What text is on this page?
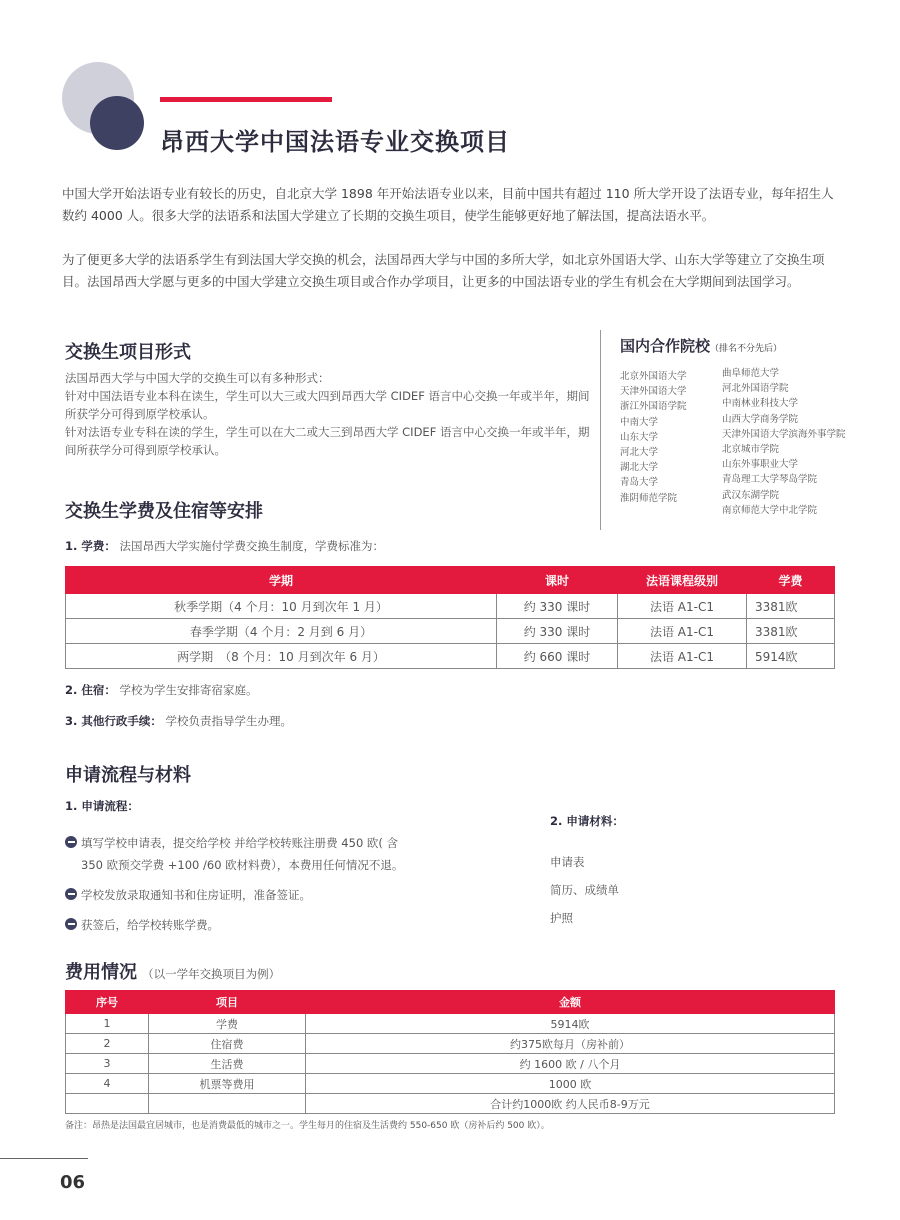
昂西大学中国法语专业交换项目
中国大学开始法语专业有较长的历史，自北京大学 1898 年开始法语专业以来，目前中国共有超过 110 所大学开设了法语专业，每年招生人数约 4000 人。很多大学的法语系和法国大学建立了长期的交换生项目，使学生能够更好地了解法国，提高法语水平。
为了便更多大学的法语系学生有到法国大学交换的机会，法国昂西大学与中国的多所大学，如北京外国语大学、山东大学等建立了交换生项目。法国昂西大学愿与更多的中国大学建立交换生项目或合作办学项目，让更多的中国法语专业的学生有机会在大学期间到法国学习。
交换生项目形式
法国昂西大学与中国大学的交换生可以有多种形式：
针对中国法语专业本科在读生，学生可以大三或大四到昂西大学 CIDEF 语言中心交换一年或半年，期间所获学分可得到原学校承认。
针对法语专业专科在读的学生，学生可以在大二或大三到昂西大学 CIDEF 语言中心交换一年或半年，期间所获学分可得到原学校承认。
国内合作院校（排名不分先后）
北京外国语大学
天津外国语大学
浙江外国语学院
中南大学
山东大学
河北大学
湖北大学
青岛大学
淮阴师范学院
曲阜师范大学
河北外国语学院
中南林业科技大学
山西大学商务学院
天津外国语大学滨海外事学院
北京城市学院
山东外事职业大学
青岛理工大学琴岛学院
武汉东湖学院
南京师范大学中北学院
交换生学费及住宿等安排
1. 学费： 法国昂西大学实施付学费交换生制度，学费标准为：
学期	课时	法语课程级别	学费
秋季学期（4 个月：10 月到次年 1 月）	约 330 课时	法语 A1-C1	3381欧
春季学期（4 个月：2 月到 6 月）	约 330 课时	法语 A1-C1	3381欧
两学期　（8 个月：10 月到次年 6 月）	约 660 课时	法语 A1-C1	5914欧
2. 住宿： 学校为学生安排寄宿家庭。
3. 其他行政手续： 学校负责指导学生办理。
申请流程与材料
1. 申请流程：
填写学校申请表，提交给学校 并给学校转账注册费 450 欧( 含
350 欧预交学费 +100 /60 欧材料费），本费用任何情况不退。
学校发放录取通知书和住房证明，准备签证。
获签后，给学校转账学费。
2. 申请材料：
申请表
简历、成绩单
护照
费用情况 （以一学年交换项目为例）
序号	项目	金额
1	学费	5914欧
2	住宿费	约375欧每月（房补前）
3	生活费	约 1600 欧 / 八个月
4	机票等费用	1000 欧
		合计约1000欧 约人民币8-9万元
备注：昂热是法国最宜居城市，也是消费最低的城市之一。学生每月的住宿及生活费约 550-650 欧（房补后约 500 欧）。
06
